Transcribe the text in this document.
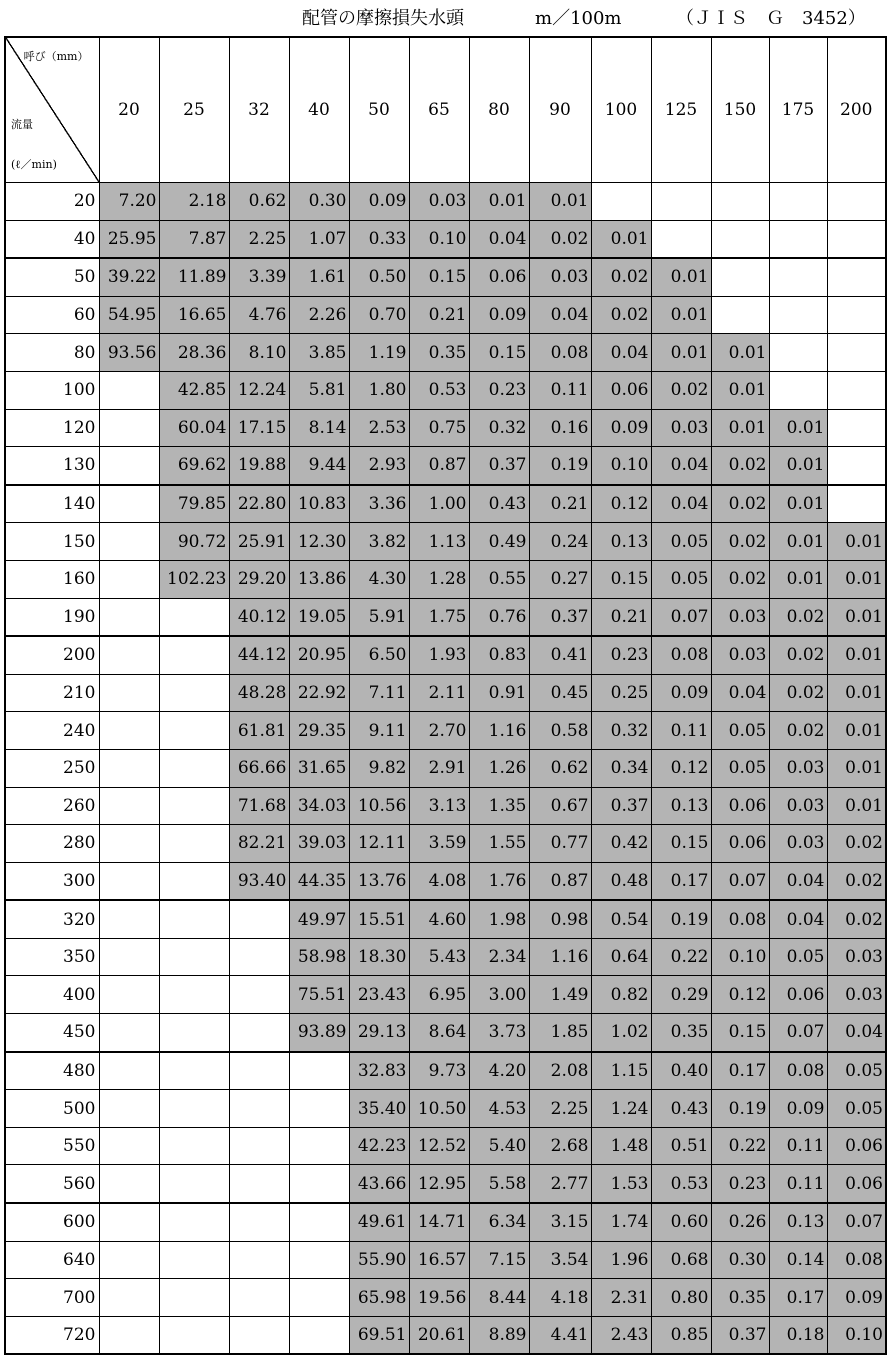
配管の摩擦損失水頭	m／100m	（ＪＩＳ　Ｇ　3452）
呼び（mm）
流量
(ℓ／min)	20	25	32	40	50	65	80	90	100	125	150	175	200
20	7.20	2.18	0.62	0.30	0.09	0.03	0.01	0.01					
40	25.95	7.87	2.25	1.07	0.33	0.10	0.04	0.02	0.01				
50	39.22	11.89	3.39	1.61	0.50	0.15	0.06	0.03	0.02	0.01			
60	54.95	16.65	4.76	2.26	0.70	0.21	0.09	0.04	0.02	0.01			
80	93.56	28.36	8.10	3.85	1.19	0.35	0.15	0.08	0.04	0.01	0.01		
100		42.85	12.24	5.81	1.80	0.53	0.23	0.11	0.06	0.02	0.01		
120		60.04	17.15	8.14	2.53	0.75	0.32	0.16	0.09	0.03	0.01	0.01	
130		69.62	19.88	9.44	2.93	0.87	0.37	0.19	0.10	0.04	0.02	0.01	
140		79.85	22.80	10.83	3.36	1.00	0.43	0.21	0.12	0.04	0.02	0.01	
150		90.72	25.91	12.30	3.82	1.13	0.49	0.24	0.13	0.05	0.02	0.01	0.01
160		102.23	29.20	13.86	4.30	1.28	0.55	0.27	0.15	0.05	0.02	0.01	0.01
190			40.12	19.05	5.91	1.75	0.76	0.37	0.21	0.07	0.03	0.02	0.01
200			44.12	20.95	6.50	1.93	0.83	0.41	0.23	0.08	0.03	0.02	0.01
210			48.28	22.92	7.11	2.11	0.91	0.45	0.25	0.09	0.04	0.02	0.01
240			61.81	29.35	9.11	2.70	1.16	0.58	0.32	0.11	0.05	0.02	0.01
250			66.66	31.65	9.82	2.91	1.26	0.62	0.34	0.12	0.05	0.03	0.01
260			71.68	34.03	10.56	3.13	1.35	0.67	0.37	0.13	0.06	0.03	0.01
280			82.21	39.03	12.11	3.59	1.55	0.77	0.42	0.15	0.06	0.03	0.02
300			93.40	44.35	13.76	4.08	1.76	0.87	0.48	0.17	0.07	0.04	0.02
320				49.97	15.51	4.60	1.98	0.98	0.54	0.19	0.08	0.04	0.02
350				58.98	18.30	5.43	2.34	1.16	0.64	0.22	0.10	0.05	0.03
400				75.51	23.43	6.95	3.00	1.49	0.82	0.29	0.12	0.06	0.03
450				93.89	29.13	8.64	3.73	1.85	1.02	0.35	0.15	0.07	0.04
480					32.83	9.73	4.20	2.08	1.15	0.40	0.17	0.08	0.05
500					35.40	10.50	4.53	2.25	1.24	0.43	0.19	0.09	0.05
550					42.23	12.52	5.40	2.68	1.48	0.51	0.22	0.11	0.06
560					43.66	12.95	5.58	2.77	1.53	0.53	0.23	0.11	0.06
600					49.61	14.71	6.34	3.15	1.74	0.60	0.26	0.13	0.07
640					55.90	16.57	7.15	3.54	1.96	0.68	0.30	0.14	0.08
700					65.98	19.56	8.44	4.18	2.31	0.80	0.35	0.17	0.09
720					69.51	20.61	8.89	4.41	2.43	0.85	0.37	0.18	0.10
